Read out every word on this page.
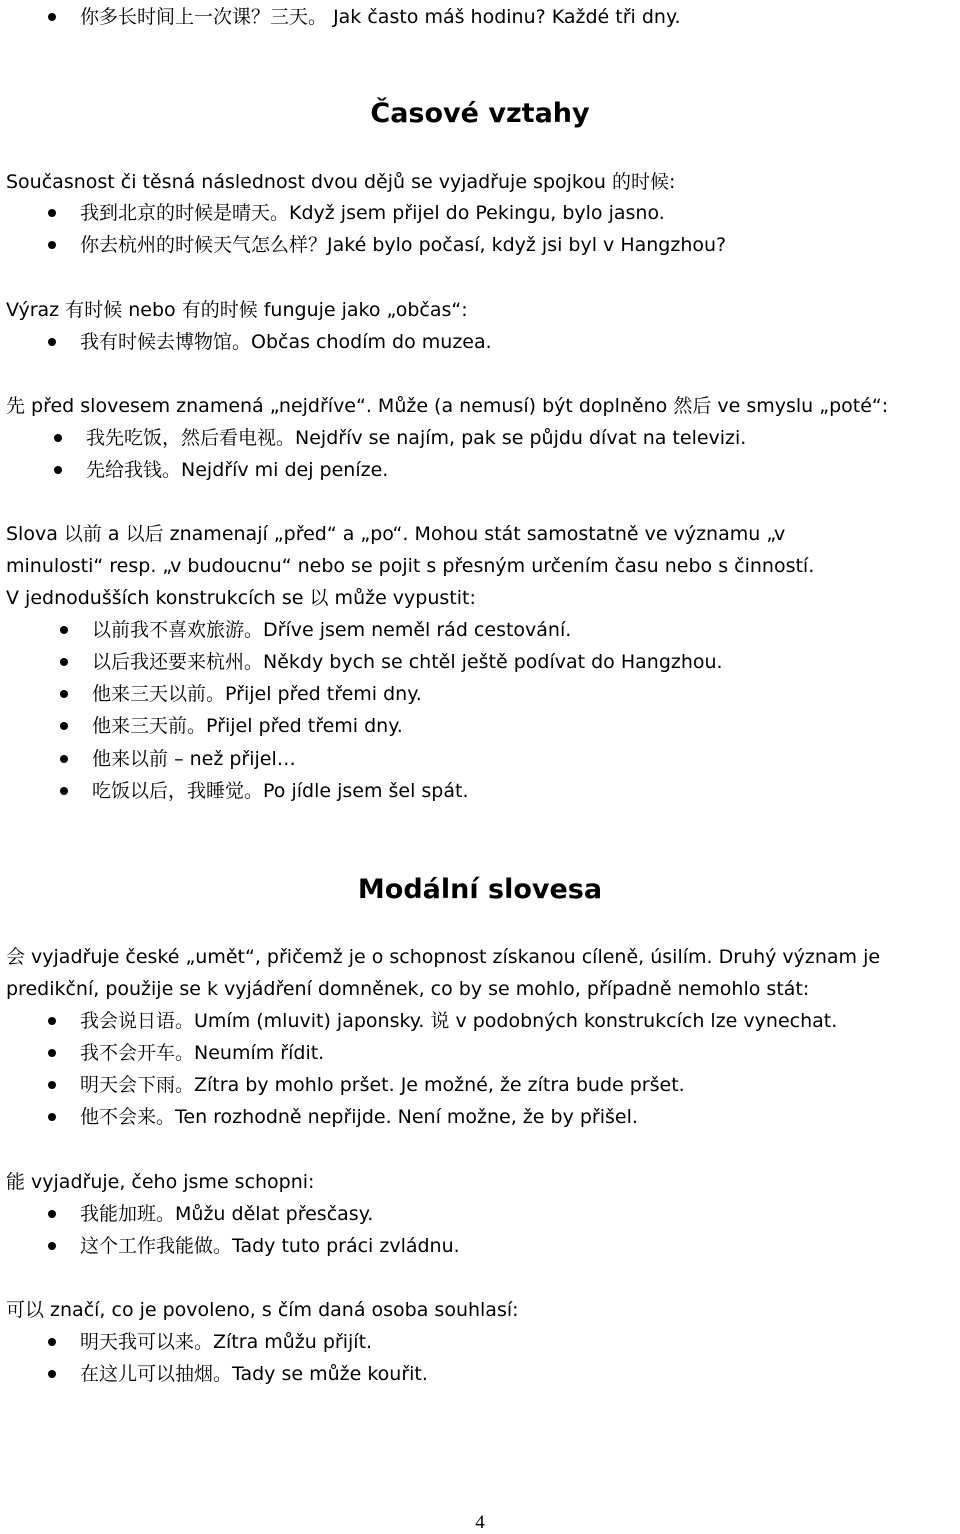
你多长时间上一次课？三天。 Jak často máš hodinu? Každé tři dny.
Časové vztahy
Současnost či těsná následnost dvou dějů se vyjadřuje spojkou 的时候:
我到北京的时候是晴天。Když jsem přijel do Pekingu, bylo jasno.
你去杭州的时候天气怎么样？Jaké bylo počasí, když jsi byl v Hangzhou?
Výraz 有时候 nebo 有的时候 funguje jako „občas“:
我有时候去博物馆。Občas chodím do muzea.
先 před slovesem znamená „nejdříve“. Může (a nemusí) být doplněno 然后 ve smyslu „poté“:
我先吃饭，然后看电视。Nejdřív se najím, pak se půjdu dívat na televizi.
先给我钱。Nejdřív mi dej peníze.
Slova 以前 a 以后 znamenají „před“ a „po“. Mohou stát samostatně ve významu „v
minulosti“ resp. „v budoucnu“ nebo se pojit s přesným určením času nebo s činností.
V jednodušších konstrukcích se 以 může vypustit:
以前我不喜欢旅游。Dříve jsem neměl rád cestování.
以后我还要来杭州。Někdy bych se chtěl ještě podívat do Hangzhou.
他来三天以前。Přijel před třemi dny.
他来三天前。Přijel před třemi dny.
他来以前 – než přijel…
吃饭以后，我睡觉。Po jídle jsem šel spát.
Modální slovesa
会 vyjadřuje české „umět“, přičemž je o schopnost získanou cíleně, úsilím. Druhý význam je
predikční, použije se k vyjádření domněnek, co by se mohlo, případně nemohlo stát:
我会说日语。Umím (mluvit) japonsky. 说 v podobných konstrukcích lze vynechat.
我不会开车。Neumím řídit.
明天会下雨。Zítra by mohlo pršet. Je možné, že zítra bude pršet.
他不会来。Ten rozhodně nepřijde. Není možne, že by přišel.
能 vyjadřuje, čeho jsme schopni:
我能加班。Můžu dělat přesčasy.
这个工作我能做。Tady tuto práci zvládnu.
可以 značí, co je povoleno, s čím daná osoba souhlasí:
明天我可以来。Zítra můžu přijít.
在这儿可以抽烟。Tady se může kouřit.
4
